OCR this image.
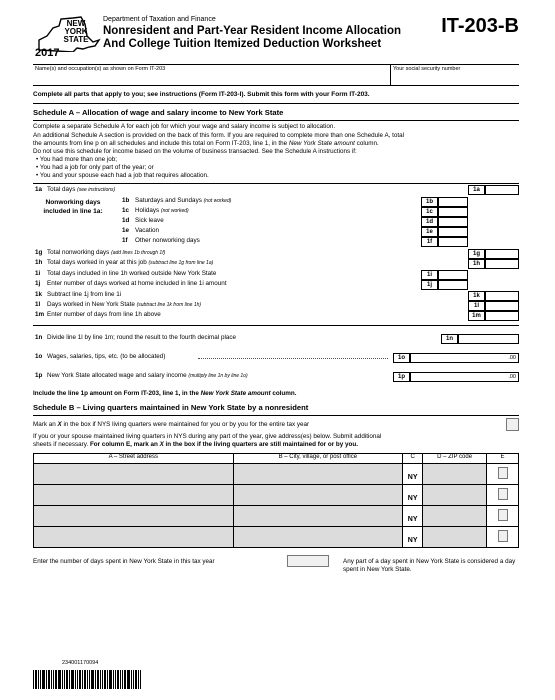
NEW YORK STATE
2017
Department of Taxation and Finance
Nonresident and Part-Year Resident Income Allocation
And College Tuition Itemized Deduction Worksheet
IT-203-B
Name(s) and occupation(s) as shown on Form IT-203	Your social security number
Complete all parts that apply to you; see instructions (Form IT-203-I). Submit this form with your Form IT-203.
Schedule A – Allocation of wage and salary income to New York State
Complete a separate Schedule A for each job for which your wage and salary income is subject to allocation.
An additional Schedule A section is provided on the back of this form. If you are required to complete more than one Schedule A, total
the amounts from line p on all schedules and include this total on Form IT-203, line 1, in the New York State amount column.
Do not use this schedule for income based on the volume of business transacted. See the Schedule A instructions if:
• You had more than one job;
• You had a job for only part of the year; or
• You and your spouse each had a job that requires allocation.
Nonworking days included in line 1a:
1a Total days (see instructions)	1a
1b Saturdays and Sundays (not worked)	1b
1c Holidays (not worked)	1c
1d Sick leave	1d
1e Vacation	1e
1f Other nonworking days	1f
1g Total nonworking days (add lines 1b through 1f)	1g
1h Total days worked in year at this job (subtract line 1g from line 1a)	1h
1i Total days included in line 1h worked outside New York State	1i
1j Enter number of days worked at home included in line 1i amount	1j
1k Subtract line 1j from line 1i	1k
1l Days worked in New York State (subtract line 1k from line 1h)	1l
1m Enter number of days from line 1h above	1m
1n Divide line 1l by line 1m; round the result to the fourth decimal place	1n
1o Wages, salaries, tips, etc. (to be allocated)	1o	.00
1p New York State allocated wage and salary income (multiply line 1n by line 1o)	1p	.00
Include the line 1p amount on Form IT-203, line 1, in the New York State amount column.
Schedule B – Living quarters maintained in New York State by a nonresident
Mark an X in the box if NYS living quarters were maintained for you or by you for the entire tax year
If you or your spouse maintained living quarters in NYS during any part of the year, give address(es) below. Submit additional
sheets if necessary. For column E, mark an X in the box if the living quarters are still maintained for or by you.
A – Street address	B – City, village, or post office	C	D – ZIP code	E
		NY		
		NY		
		NY		
		NY		
Enter the number of days spent in New York State in this tax year	Any part of a day spent in New York State is considered a day spent in New York State.
234001170094
